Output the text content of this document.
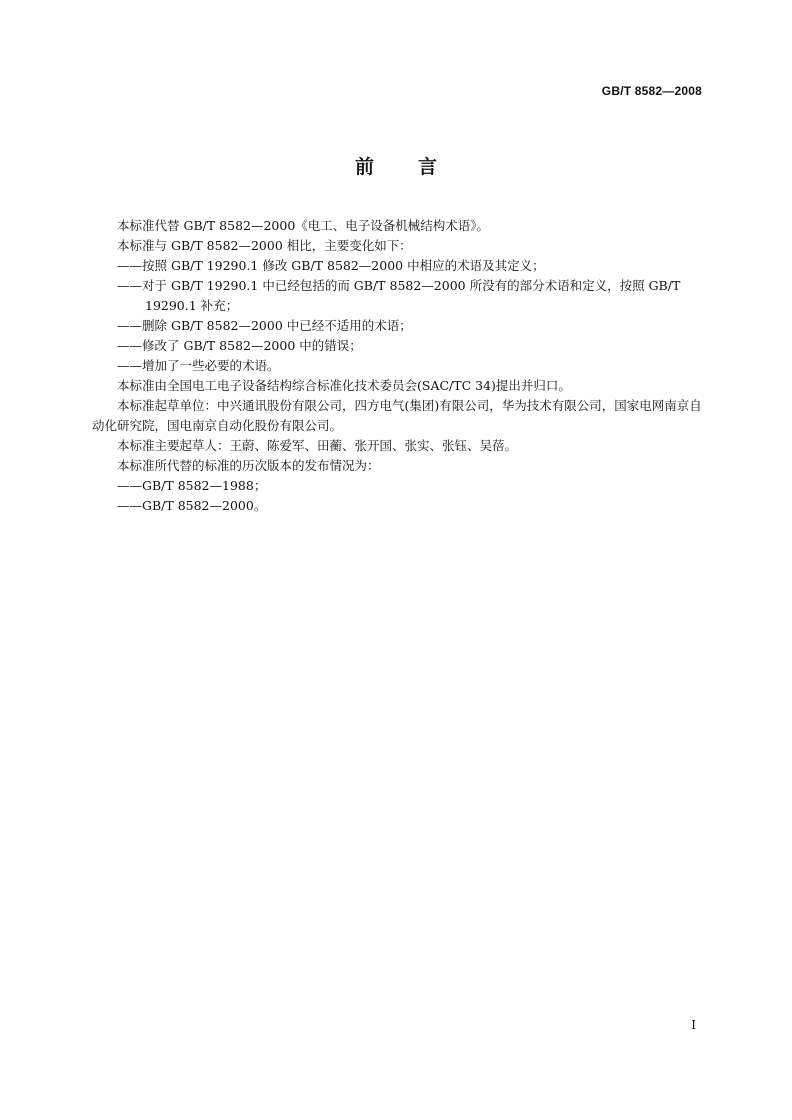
GB/T 8582—2008
前 言

本标准代替 GB/T 8582—2000《电工、电子设备机械结构术语》。

本标准与 GB/T 8582—2000 相比，主要变化如下：

——按照 GB/T 19290.1 修改 GB/T 8582—2000 中相应的术语及其定义；

——对于 GB/T 19290.1 中已经包括的而 GB/T 8582—2000 所没有的部分术语和定义，按照 GB/T 19290.1 补充；

——删除 GB/T 8582—2000 中已经不适用的术语；

——修改了 GB/T 8582—2000 中的错误；

——增加了一些必要的术语。

本标准由全国电工电子设备结构综合标准化技术委员会(SAC/TC 34)提出并归口。

本标准起草单位：中兴通讯股份有限公司，四方电气(集团)有限公司，华为技术有限公司，国家电网南京自动化研究院，国电南京自动化股份有限公司。

本标准主要起草人：王蔚、陈爱军、田蘅、张开国、张实、张钰、吴蓓。

本标准所代替的标准的历次版本的发布情况为：

——GB/T 8582—1988；

——GB/T 8582—2000。

I
